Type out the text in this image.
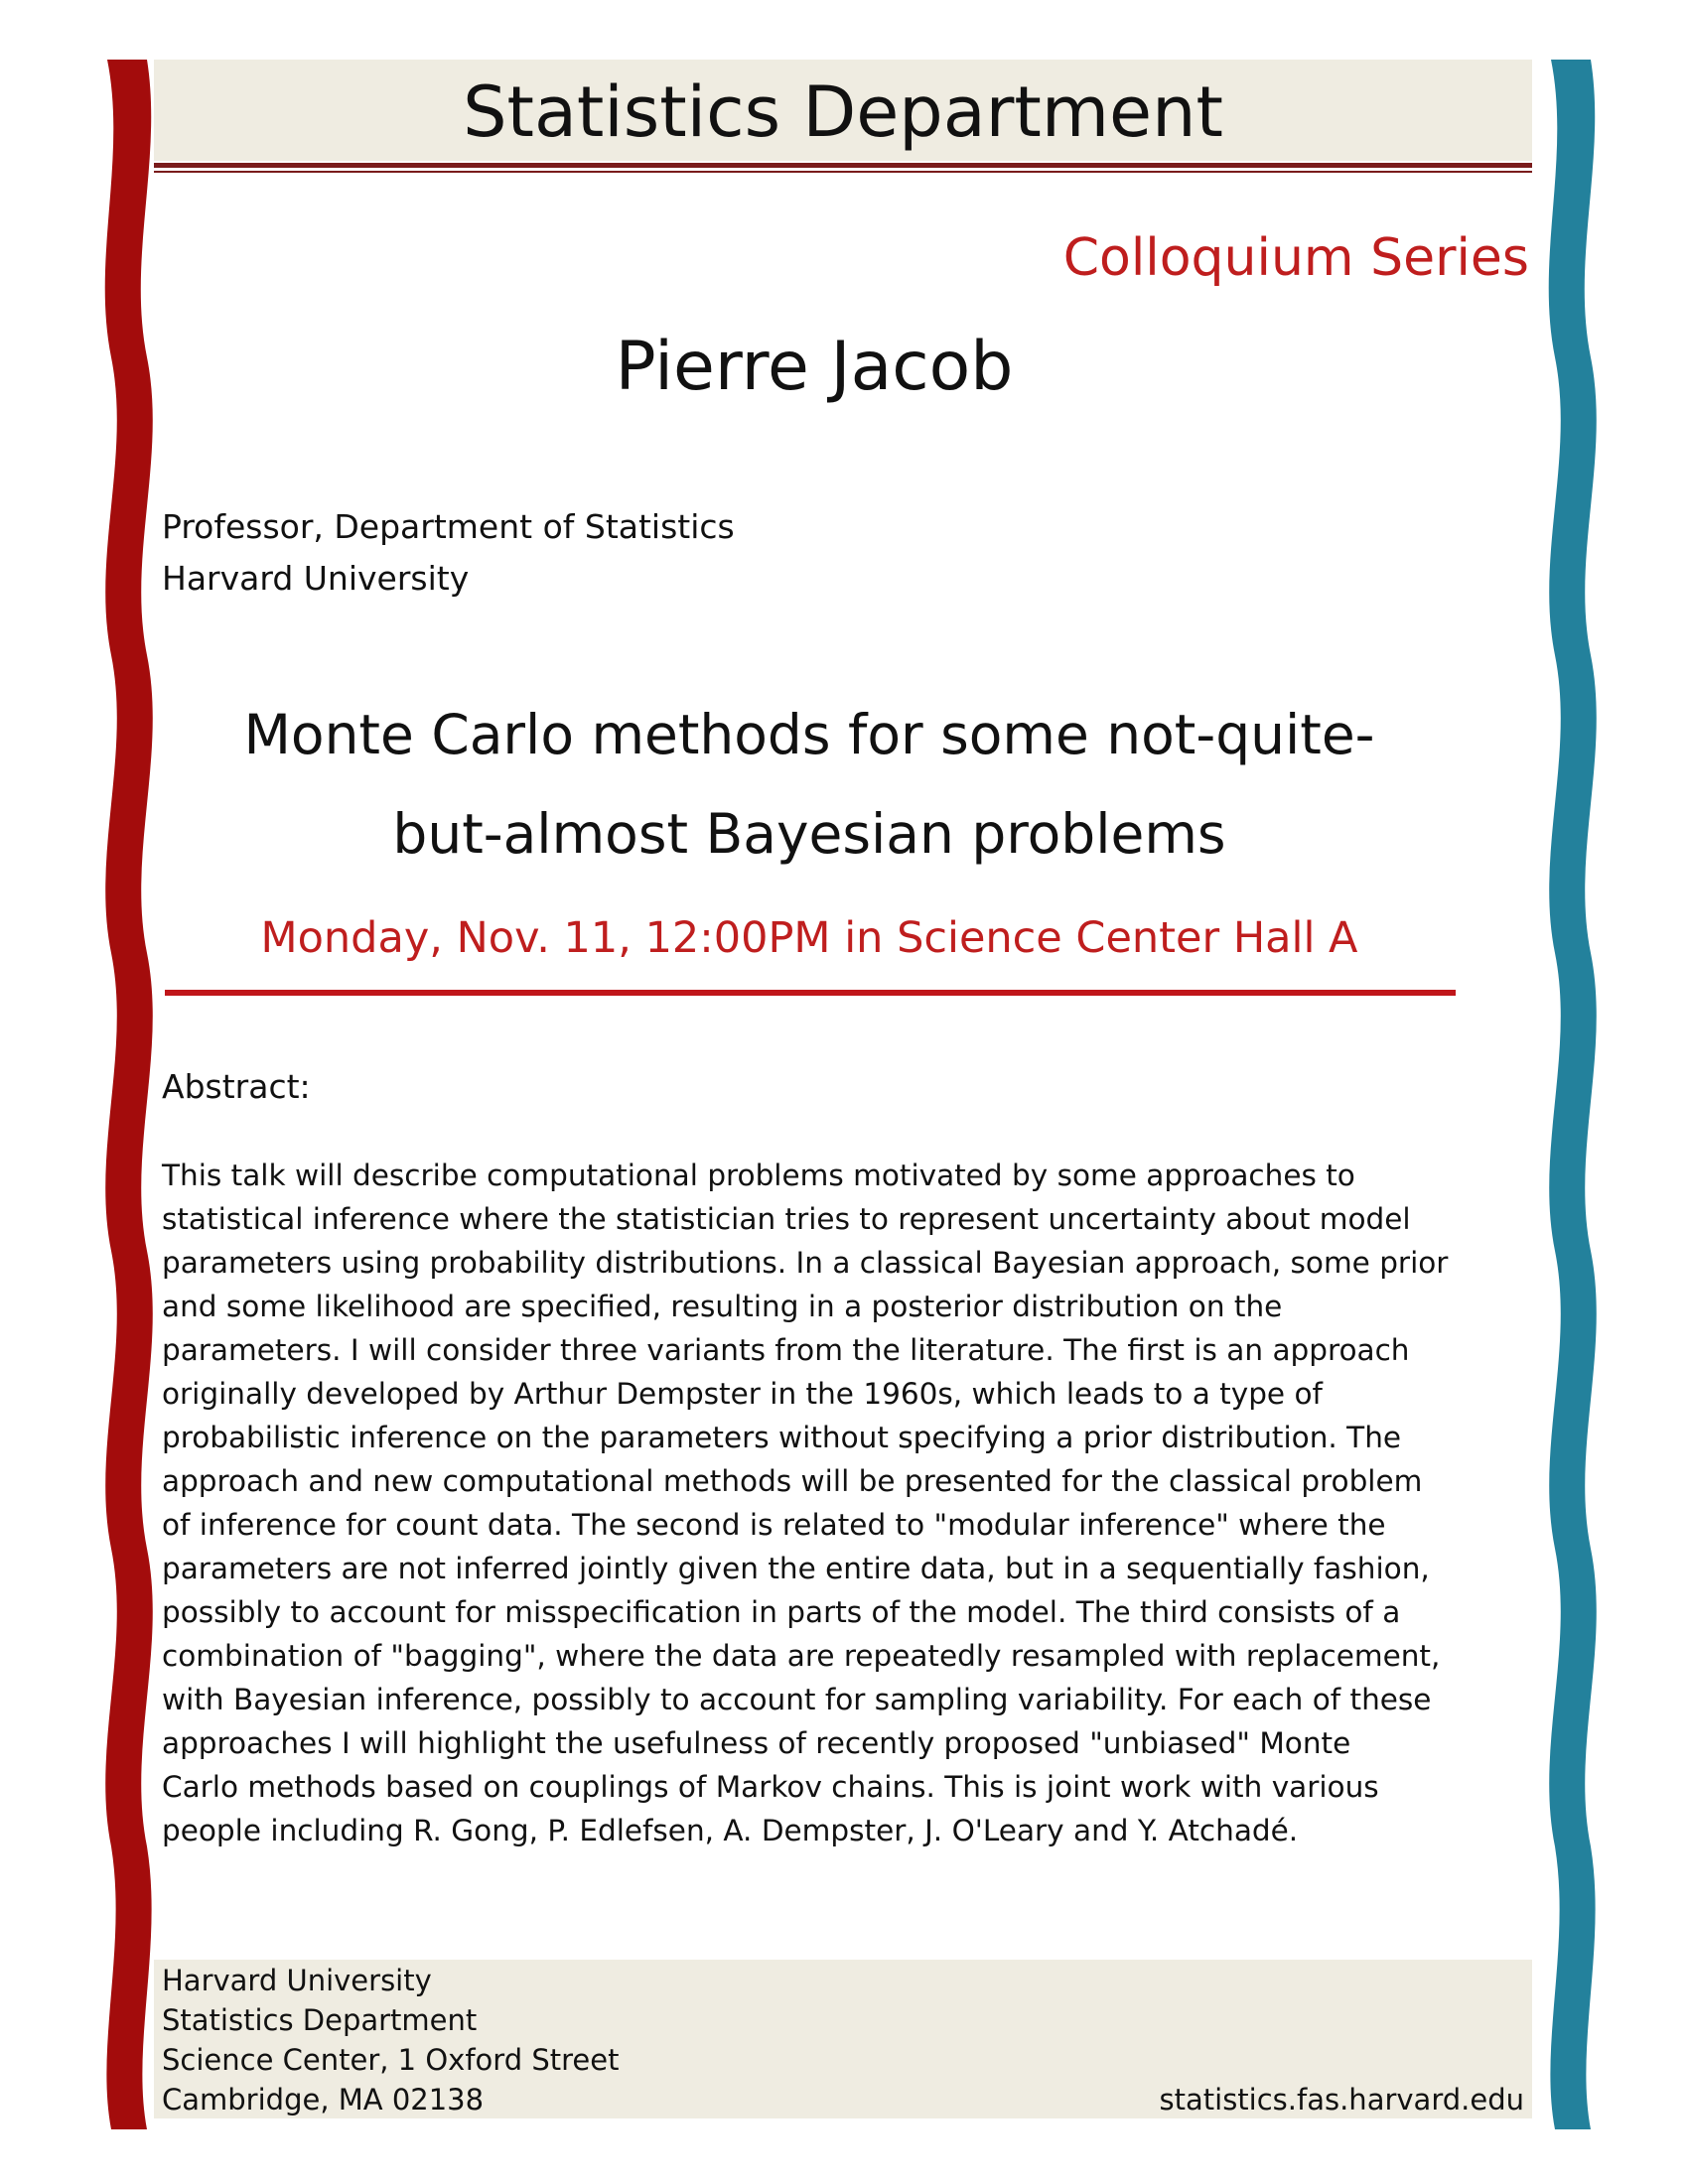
Statistics Department
Colloquium Series
Pierre Jacob
Professor, Department of Statistics
Harvard University
Monte Carlo methods for some not-quite-
but-almost Bayesian problems
Monday, Nov. 11, 12:00PM in Science Center Hall A
Abstract:
This talk will describe computational problems motivated by some approaches to
statistical inference where the statistician tries to represent uncertainty about model
parameters using probability distributions. In a classical Bayesian approach, some prior
and some likelihood are specified, resulting in a posterior distribution on the
parameters. I will consider three variants from the literature. The first is an approach
originally developed by Arthur Dempster in the 1960s, which leads to a type of
probabilistic inference on the parameters without specifying a prior distribution. The
approach and new computational methods will be presented for the classical problem
of inference for count data. The second is related to "modular inference" where the
parameters are not inferred jointly given the entire data, but in a sequentially fashion,
possibly to account for misspecification in parts of the model. The third consists of a
combination of "bagging", where the data are repeatedly resampled with replacement,
with Bayesian inference, possibly to account for sampling variability. For each of these
approaches I will highlight the usefulness of recently proposed "unbiased" Monte
Carlo methods based on couplings of Markov chains. This is joint work with various
people including R. Gong, P. Edlefsen, A. Dempster, J. O'Leary and Y. Atchadé.
Harvard University
Statistics Department
Science Center, 1 Oxford Street
Cambridge, MA 02138	statistics.fas.harvard.edu
